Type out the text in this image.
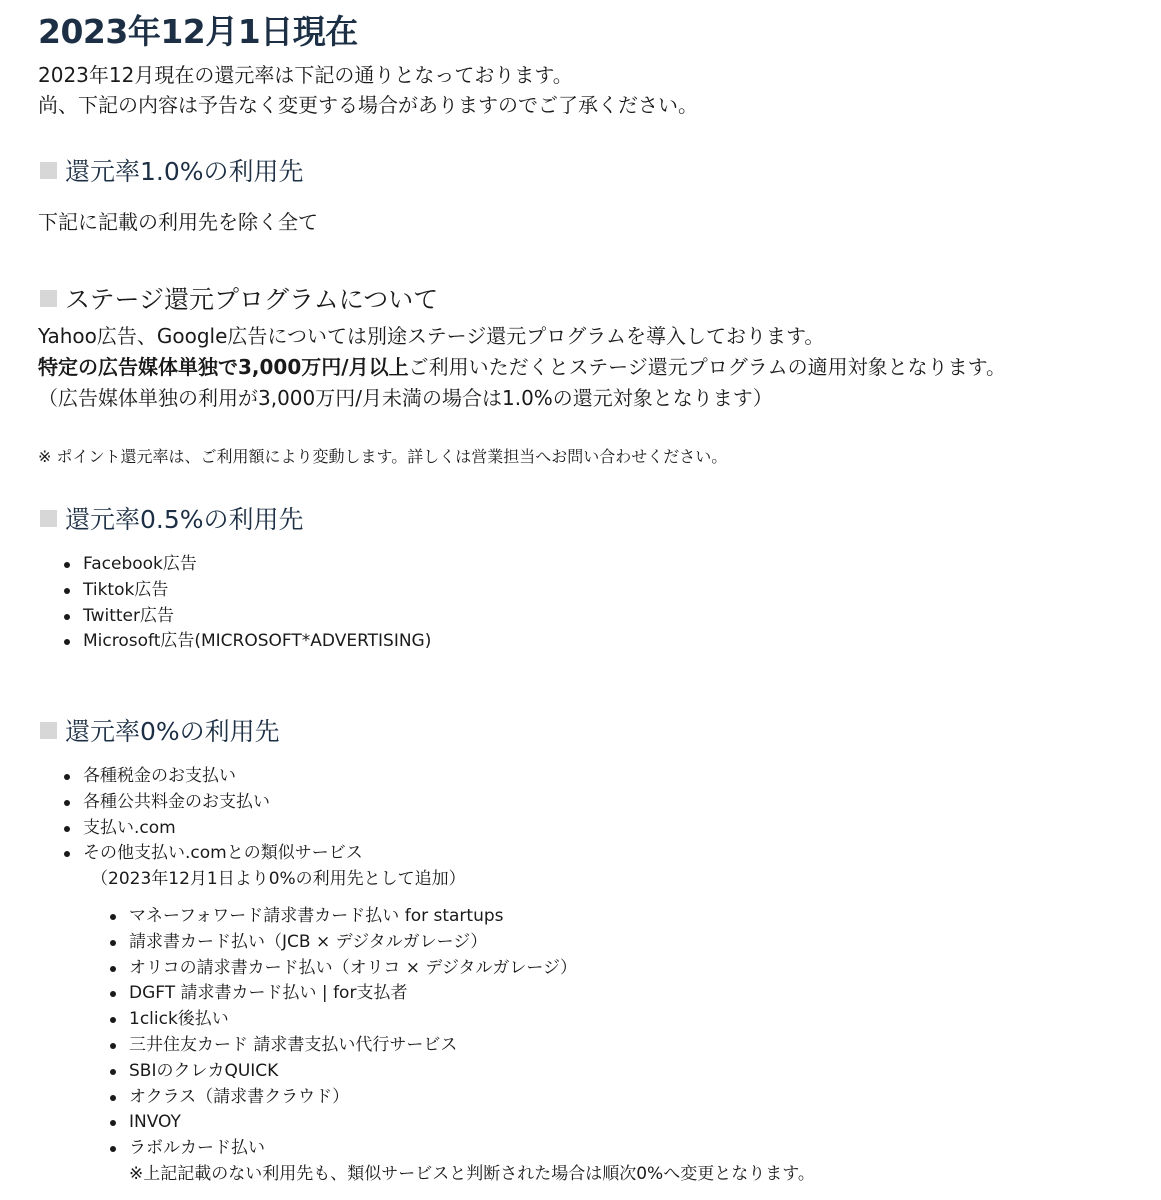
2023年12月1日現在

2023年12月現在の還元率は下記の通りとなっております。
尚、下記の内容は予告なく変更する場合がありますのでご了承ください。

還元率1.0%の利用先

下記に記載の利用先を除く全て

ステージ還元プログラムについて

Yahoo広告、Google広告については別途ステージ還元プログラムを導入しております。
特定の広告媒体単独で3,000万円/月以上ご利用いただくとステージ還元プログラムの適用対象となります。
（広告媒体単独の利用が3,000万円/月未満の場合は1.0%の還元対象となります）

※ ポイント還元率は、ご利用額により変動します。詳しくは営業担当へお問い合わせください。

還元率0.5%の利用先
Facebook広告
Tiktok広告
Twitter広告
Microsoft広告(MICROSOFT*ADVERTISING)
還元率0%の利用先
各種税金のお支払い
各種公共料金のお支払い
支払い.com
その他支払い.comとの類似サービス
（2023年12月1日より0%の利用先として追加）
マネーフォワード請求書カード払い for startups
請求書カード払い（JCB × デジタルガレージ）
オリコの請求書カード払い（オリコ × デジタルガレージ）
DGFT 請求書カード払い | for支払者
1click後払い
三井住友カード 請求書支払い代行サービス
SBIのクレカQUICK
オクラス（請求書クラウド）
INVOY
ラボルカード払い
※上記記載のない利用先も、類似サービスと判断された場合は順次0%へ変更となります。
